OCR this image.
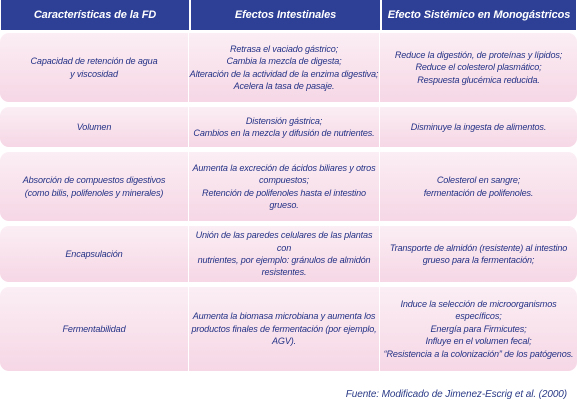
Características de la FD	Efectos Intestinales	Efecto Sistémico en Monogástricos
Capacidad de retención de agua
y viscosidad
Retrasa el vaciado gástrico;
Cambia la mezcla de digesta;
Alteración de la actividad de la enzima digestiva;
Acelera la tasa de pasaje.
Reduce la digestión, de proteínas y lípidos;
Reduce el colesterol plasmático;
Respuesta glucémica reducida.
Volumen
Distensión gástrica;
Cambios en la mezcla y difusión de nutrientes.
Disminuye la ingesta de alimentos.
Absorción de compuestos digestivos
(como bilis, polifenoles y minerales)
Aumenta la excreción de ácidos biliares y otros
compuestos;
Retención de polifenoles hasta el intestino
grueso.
Colesterol en sangre;
fermentación de polifenoles.
Encapsulación
Unión de las paredes celulares de las plantas con
nutrientes, por ejemplo: gránulos de almidón
resistentes.
Transporte de almidón (resistente) al intestino
grueso para la fermentación;
Fermentabilidad
Aumenta la biomasa microbiana y aumenta los
productos finales de fermentación (por ejemplo,
AGV).
Induce la selección de microorganismos
específicos;
Energía para Firmicutes;
Influye en el volumen fecal;
“Resistencia a la colonización” de los patógenos.
Fuente: Modificado de Jimenez-Escrig et al. (2000)
